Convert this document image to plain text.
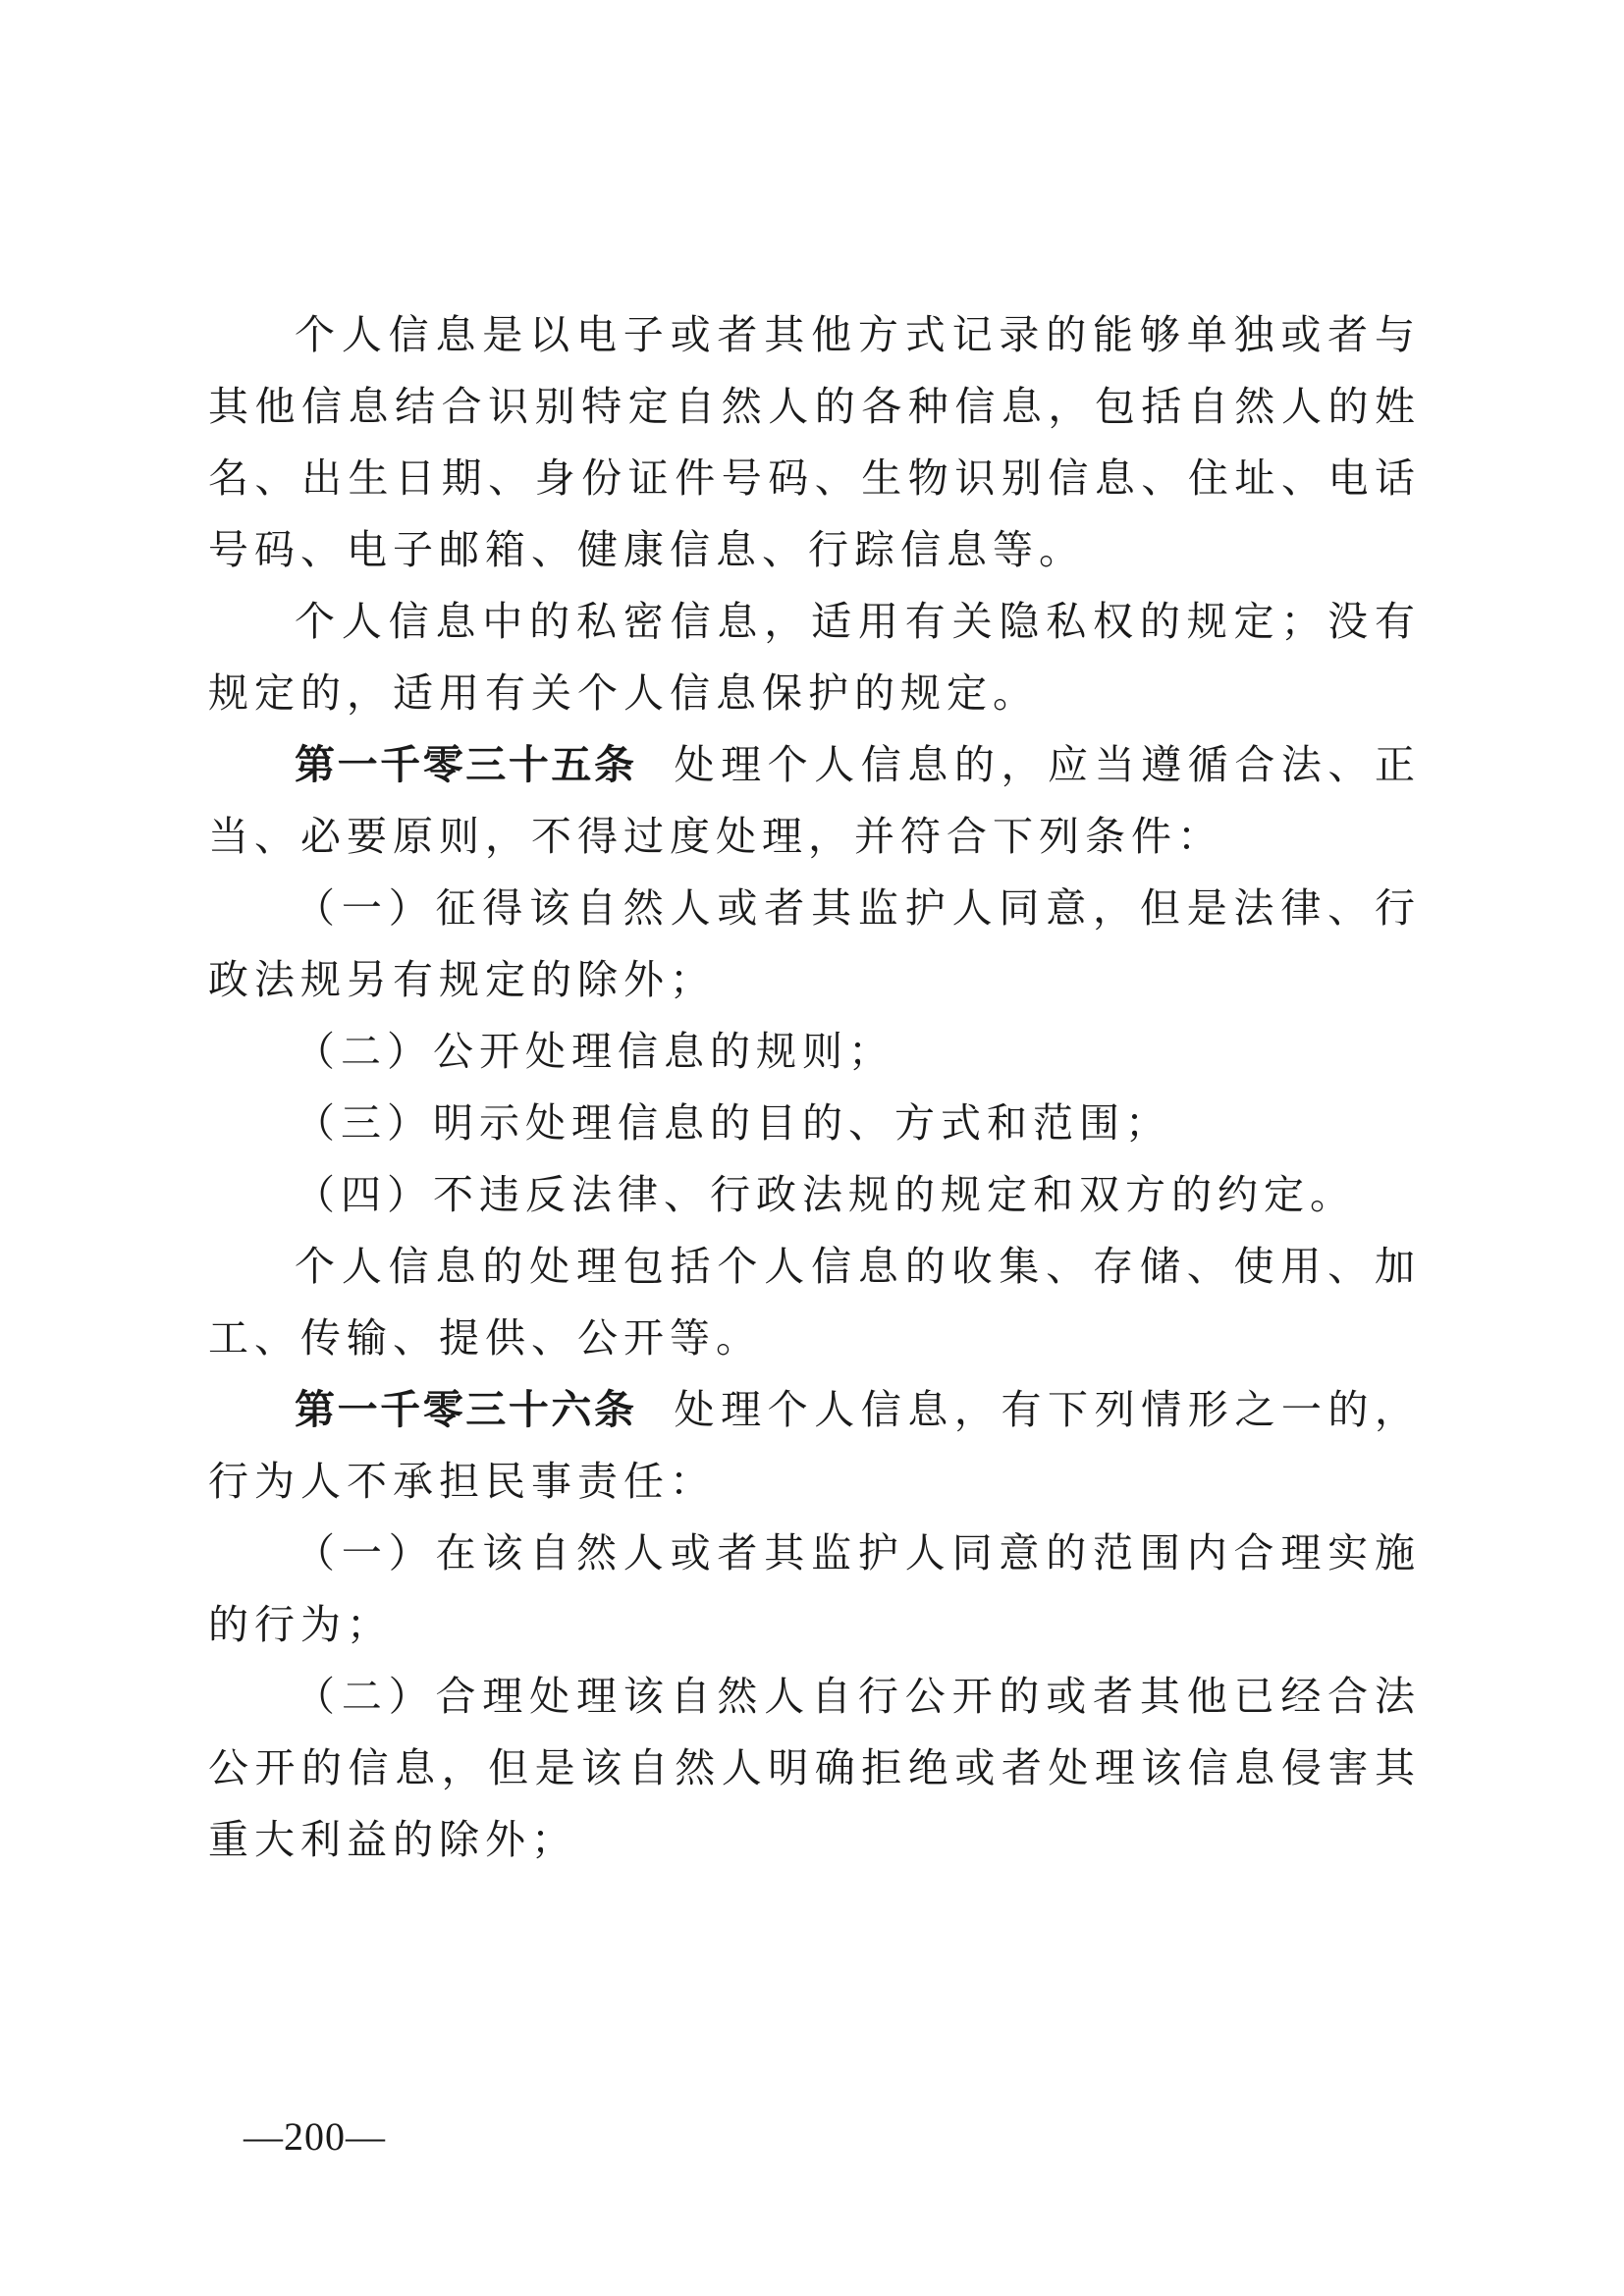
个人信息是以电子或者其他方式记录的能够单独或者与其他信息结合识别特定自然人的各种信息，包括自然人的姓名、出生日期、身份证件号码、生物识别信息、住址、电话号码、电子邮箱、健康信息、行踪信息等。

个人信息中的私密信息，适用有关隐私权的规定；没有规定的，适用有关个人信息保护的规定。

第一千零三十五条 处理个人信息的，应当遵循合法、正当、必要原则，不得过度处理，并符合下列条件：

（一）征得该自然人或者其监护人同意，但是法律、行政法规另有规定的除外；

（二）公开处理信息的规则；

（三）明示处理信息的目的、方式和范围；

（四）不违反法律、行政法规的规定和双方的约定。

个人信息的处理包括个人信息的收集、存储、使用、加工、传输、提供、公开等。

第一千零三十六条 处理个人信息，有下列情形之一的，行为人不承担民事责任：

（一）在该自然人或者其监护人同意的范围内合理实施的行为；

（二）合理处理该自然人自行公开的或者其他已经合法公开的信息，但是该自然人明确拒绝或者处理该信息侵害其重大利益的除外；

—200—
